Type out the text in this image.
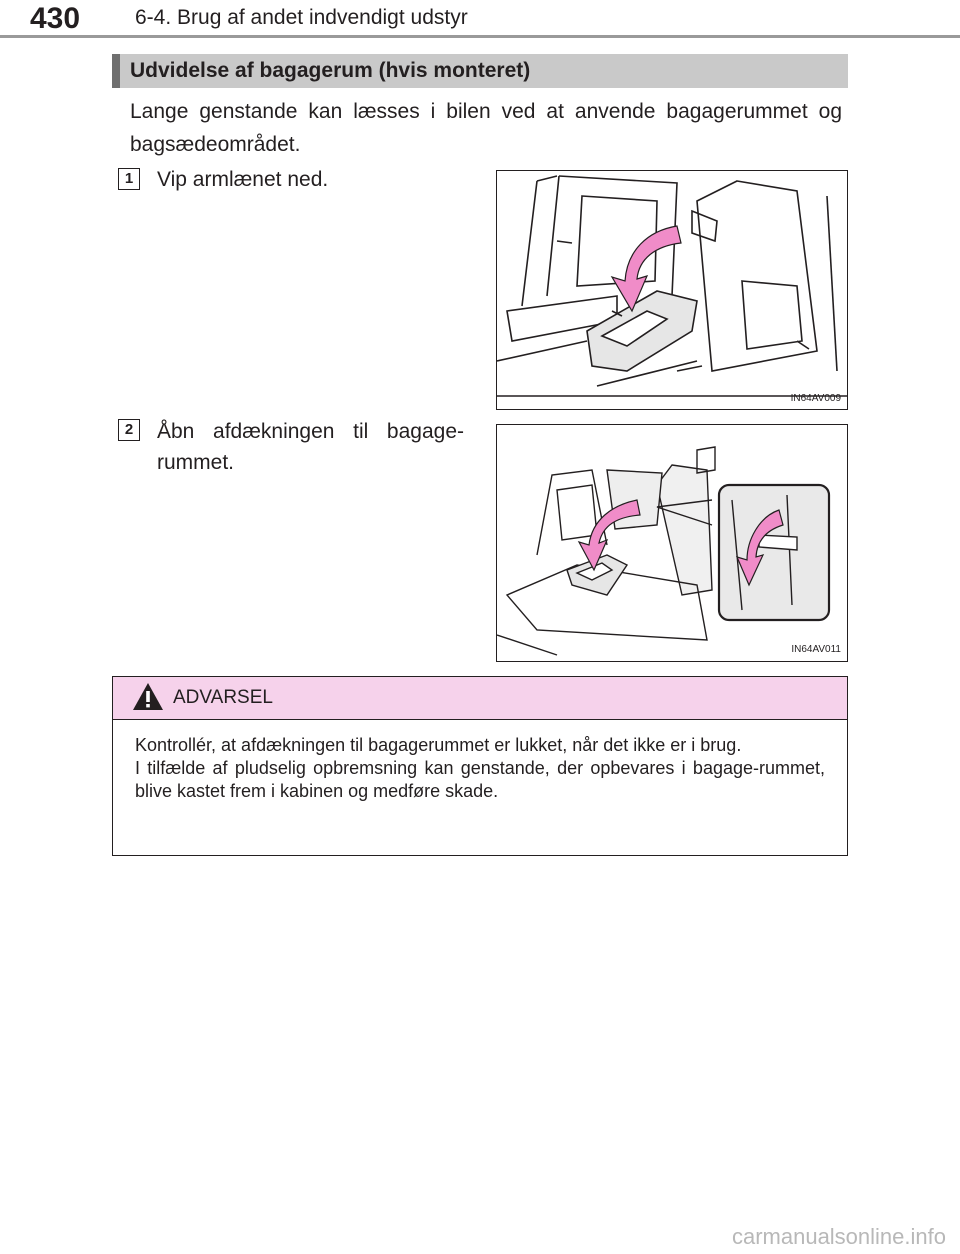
430	6-4. Brug af andet indvendigt udstyr
Udvidelse af bagagerum (hvis monteret)
Lange genstande kan læsses i bilen ved at anvende bagagerummet og bagsædeområdet.
1	Vip armlænet ned.
IN64AV009
2	Åbn afdækningen til bagage-
rummet.
IN64AV011
ADVARSEL
Kontrollér, at afdækningen til bagagerummet er lukket, når det ikke er i brug.
I tilfælde af pludselig opbremsning kan genstande, der opbevares i bagage-rummet, blive kastet frem i kabinen og medføre skade.
carmanualsonline.info
